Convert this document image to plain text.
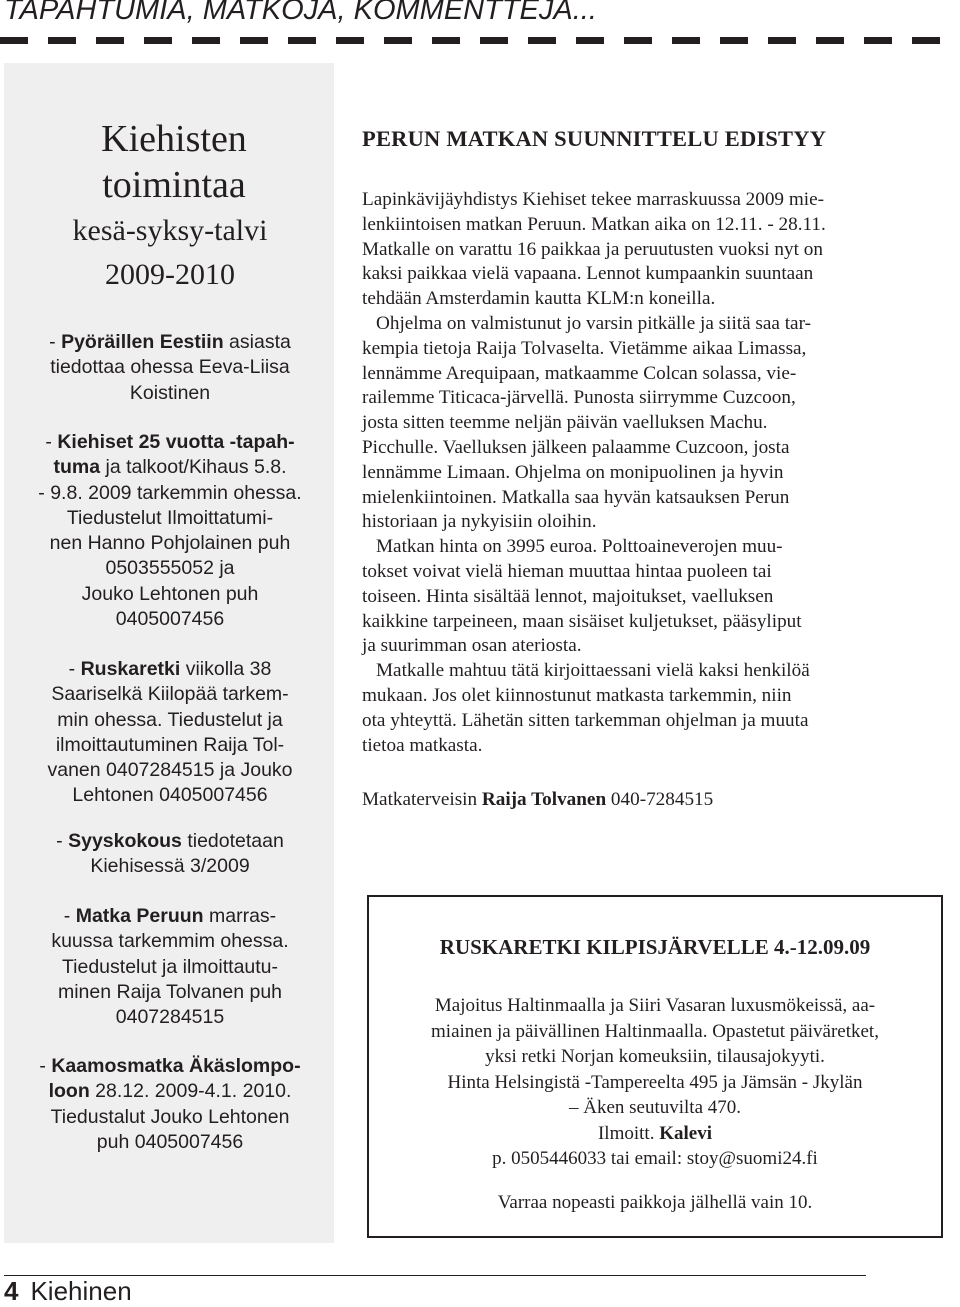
TAPAHTUMIA, MATKOJA, KOMMENTTEJA...
Kiehisten
toimintaa
kesä-syksy-talvi
2009-2010
- Pyöräillen Eestiin asiasta
tiedottaa ohessa Eeva-Liisa
Koistinen
- Kiehiset 25 vuotta -tapah-
tuma ja talkoot/Kihaus 5.8.
- 9.8. 2009 tarkemmin ohessa.
Tiedustelut Ilmoittatumi-
nen Hanno Pohjolainen puh
0503555052 ja
Jouko Lehtonen puh
0405007456
- Ruskaretki viikolla 38
Saariselkä Kiilopää tarkem-
min ohessa. Tiedustelut ja
ilmoittautuminen Raija Tol-
vanen 0407284515 ja Jouko
Lehtonen 0405007456
- Syyskokous tiedotetaan
Kiehisessä 3/2009
- Matka Peruun marras-
kuussa tarkemmim ohessa.
Tiedustelut ja ilmoittautu-
minen Raija Tolvanen puh
0407284515
- Kaamosmatka Äkäslompo-
loon 28.12. 2009-4.1. 2010.
Tiedustalut Jouko Lehtonen
puh 0405007456
PERUN MATKAN SUUNNITTELU EDISTYY
Lapinkävijäyhdistys Kiehiset tekee marraskuussa 2009 mie-
lenkiintoisen matkan Peruun. Matkan aika on 12.11. - 28.11.
Matkalle on varattu 16 paikkaa ja peruutusten vuoksi nyt on
kaksi paikkaa vielä vapaana. Lennot kumpaankin suuntaan
tehdään Amsterdamin kautta KLM:n koneilla.
Ohjelma on valmistunut jo varsin pitkälle ja siitä saa tar-
kempia tietoja Raija Tolvaselta. Vietämme aikaa Limassa,
lennämme Arequipaan, matkaamme Colcan solassa, vie-
railemme Titicaca-järvellä. Punosta siirrymme Cuzcoon,
josta sitten teemme neljän päivän vaelluksen Machu.
Picchulle. Vaelluksen jälkeen palaamme Cuzcoon, josta
lennämme Limaan. Ohjelma on monipuolinen ja hyvin
mielenkiintoinen. Matkalla saa hyvän katsauksen Perun
historiaan ja nykyisiin oloihin.
Matkan hinta on 3995 euroa. Polttoaineverojen muu-
tokset voivat vielä hieman muuttaa hintaa puoleen tai
toiseen. Hinta sisältää lennot, majoitukset, vaelluksen
kaikkine tarpeineen, maan sisäiset kuljetukset, pääsyliput
ja suurimman osan ateriosta.
Matkalle mahtuu tätä kirjoittaessani vielä kaksi henkilöä
mukaan. Jos olet kiinnostunut matkasta tarkemmin, niin
ota yhteyttä. Lähetän sitten tarkemman ohjelman ja muuta
tietoa matkasta.
Matkaterveisin Raija Tolvanen 040-7284515
RUSKARETKI KILPISJÄRVELLE 4.-12.09.09
Majoitus Haltinmaalla ja Siiri Vasaran luxusmökeissä, aa-
miainen ja päivällinen Haltinmaalla. Opastetut päiväretket,
yksi retki Norjan komeuksiin, tilausajokyyti.
Hinta Helsingistä -Tampereelta 495 ja Jämsän - Jkylän
– Äken seutuvilta 470.
Ilmoitt. Kalevi
p. 0505446033 tai email: stoy@suomi24.fi
Varraa nopeasti paikkoja jälhellä vain 10.
4 Kiehinen
